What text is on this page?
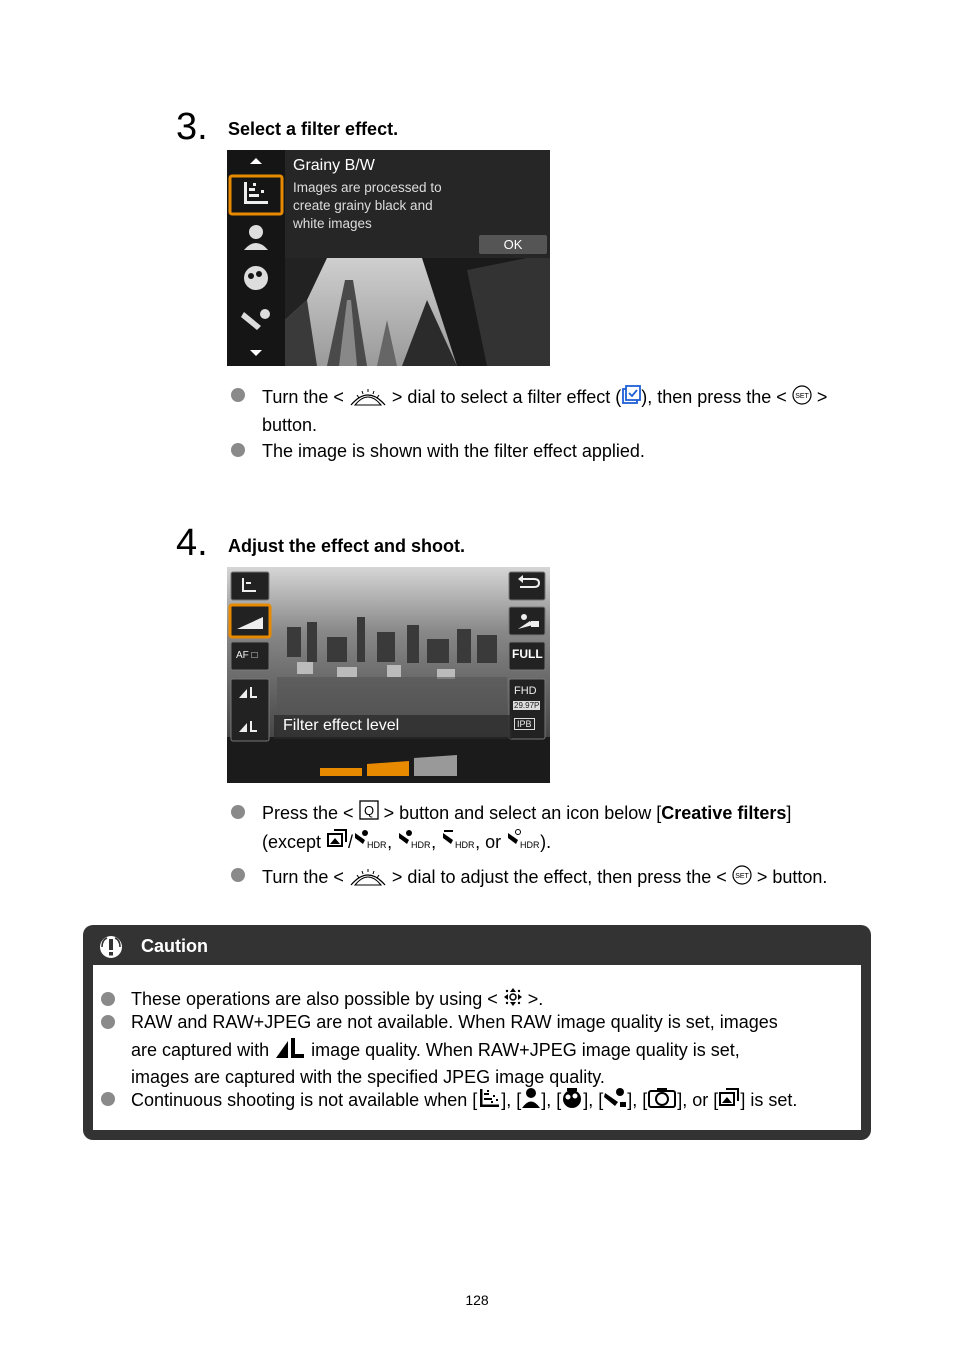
3. Select a filter effect.
Grainy B/W
Images are processed to
create grainy black and
white images
OK
Turn the <	> dial to select a filter effect ( ), then press the < SET >
button.
The image is shown with the filter effect applied.
4. Adjust the effect and shoot.
AF □	FULL
FHD
29.97P
IPB
Filter effect level
Press the < Q > button and select an icon below [Creative filters]
(except / HDR , HDR , HDR , or HDR ).
Turn the <	> dial to adjust the effect, then press the < SET > button.
Caution
These operations are also possible by using < >.
RAW and RAW+JPEG are not available. When RAW image quality is set, images
are captured with image quality. When RAW+JPEG image quality is set,
images are captured with the specified JPEG image quality.
Continuous shooting is not available when [ ], [ ], [ ], [ ], [ ], or [ ] is set.
128
